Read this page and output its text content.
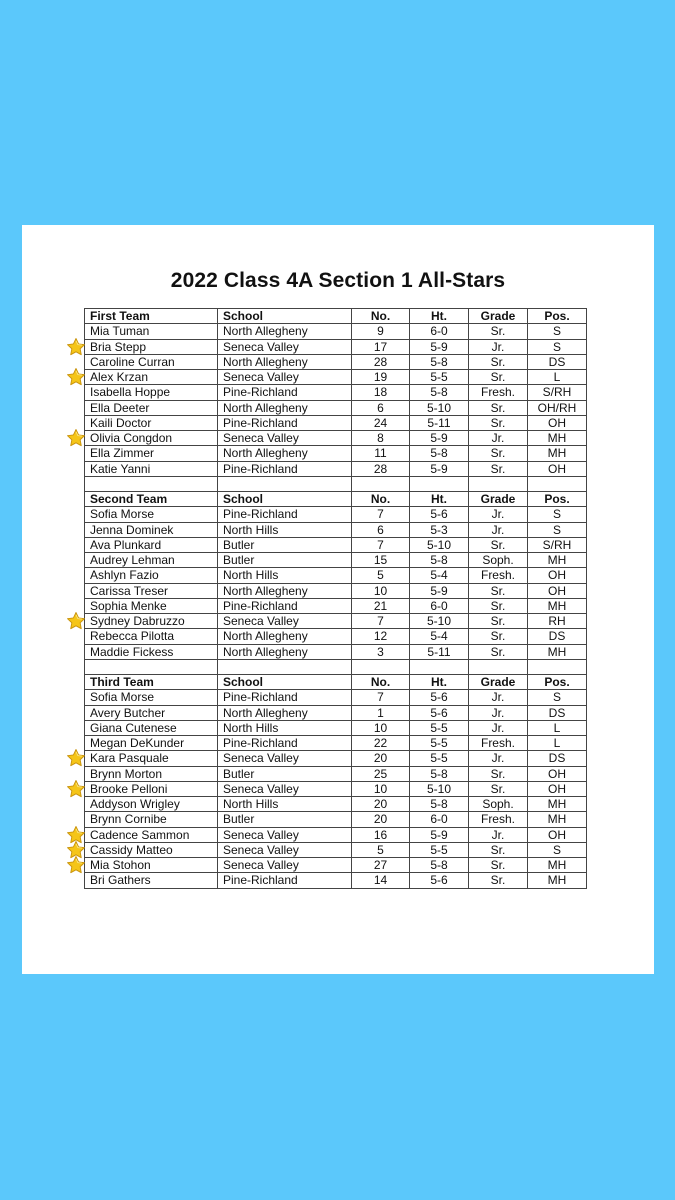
2022 Class 4A Section 1 All-Stars
First Team	School	No.	Ht.	Grade	Pos.
Mia Tuman	North Allegheny	9	6-0	Sr.	S

Bria Stepp	Seneca Valley	17	5-9	Jr.	S
Caroline Curran	North Allegheny	28	5-8	Sr.	DS

Alex Krzan	Seneca Valley	19	5-5	Sr.	L
Isabella Hoppe	Pine-Richland	18	5-8	Fresh.	S/RH
Ella Deeter	North Allegheny	6	5-10	Sr.	OH/RH
Kaili Doctor	Pine-Richland	24	5-11	Sr.	OH

Olivia Congdon	Seneca Valley	8	5-9	Jr.	MH
Ella Zimmer	North Allegheny	11	5-8	Sr.	MH
Katie Yanni	Pine-Richland	28	5-9	Sr.	OH

Second Team	School	No.	Ht.	Grade	Pos.
Sofia Morse	Pine-Richland	7	5-6	Jr.	S
Jenna Dominek	North Hills	6	5-3	Jr.	S
Ava Plunkard	Butler	7	5-10	Sr.	S/RH
Audrey Lehman	Butler	15	5-8	Soph.	MH
Ashlyn Fazio	North Hills	5	5-4	Fresh.	OH
Carissa Treser	North Allegheny	10	5-9	Sr.	OH
Sophia Menke	Pine-Richland	21	6-0	Sr.	MH

Sydney Dabruzzo	Seneca Valley	7	5-10	Sr.	RH
Rebecca Pilotta	North Allegheny	12	5-4	Sr.	DS
Maddie Fickess	North Allegheny	3	5-11	Sr.	MH

Third Team	School	No.	Ht.	Grade	Pos.
Sofia Morse	Pine-Richland	7	5-6	Jr.	S
Avery Butcher	North Allegheny	1	5-6	Jr.	DS
Giana Cutenese	North Hills	10	5-5	Jr.	L
Megan DeKunder	Pine-Richland	22	5-5	Fresh.	L

Kara Pasquale	Seneca Valley	20	5-5	Jr.	DS
Brynn Morton	Butler	25	5-8	Sr.	OH

Brooke Pelloni	Seneca Valley	10	5-10	Sr.	OH
Addyson Wrigley	North Hills	20	5-8	Soph.	MH
Brynn Cornibe	Butler	20	6-0	Fresh.	MH

Cadence Sammon	Seneca Valley	16	5-9	Jr.	OH

Cassidy Matteo	Seneca Valley	5	5-5	Sr.	S

Mia Stohon	Seneca Valley	27	5-8	Sr.	MH
Bri Gathers	Pine-Richland	14	5-6	Sr.	MH
